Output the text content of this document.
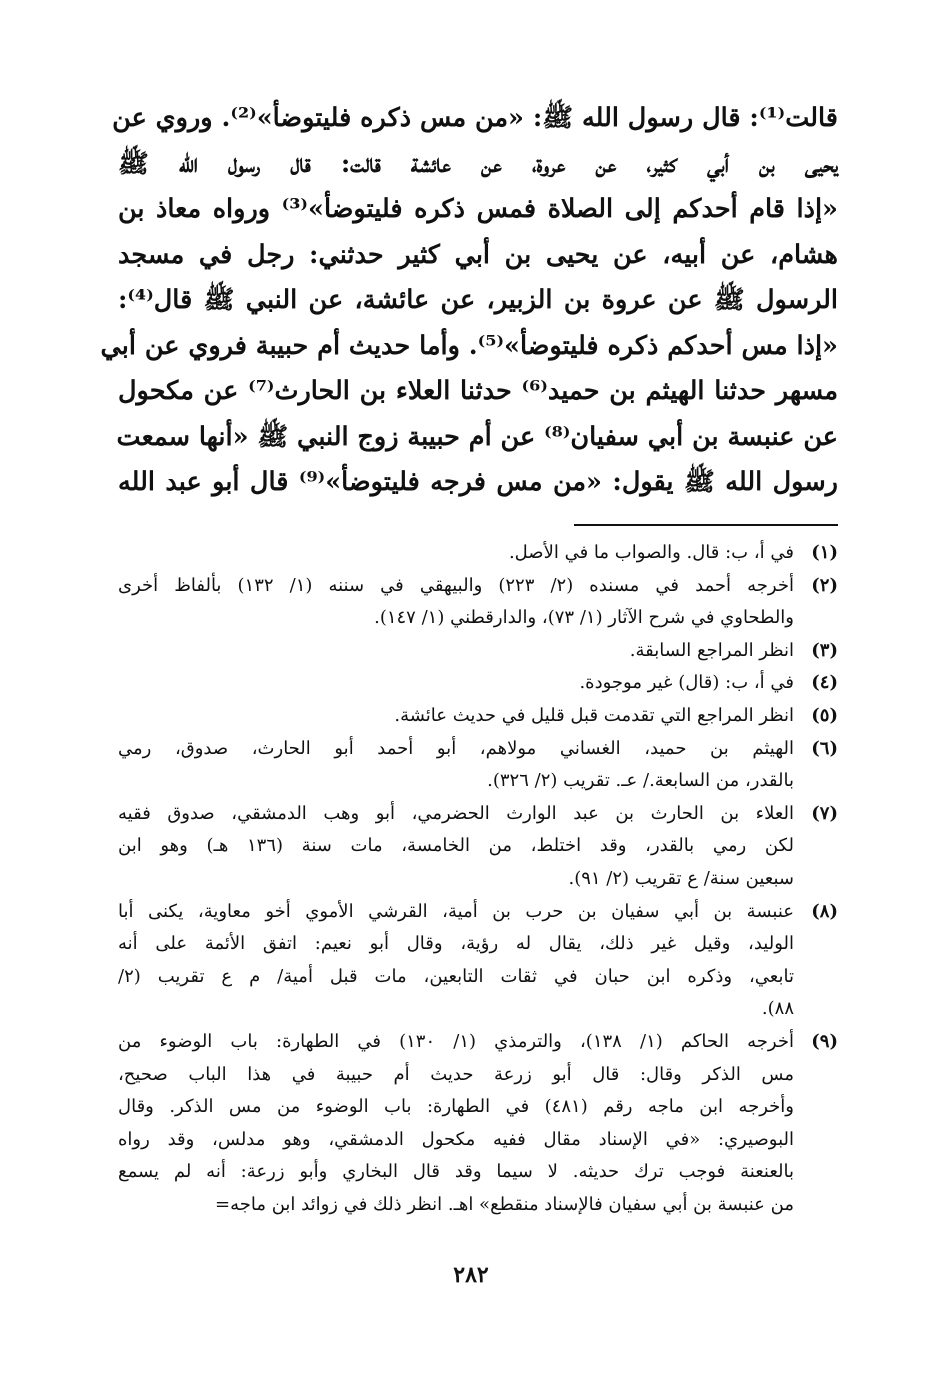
قالت⁽¹⁾: قال رسول الله ﷺ: «من مس ذكره فليتوضأ»⁽²⁾. وروي عن
يحيى بن أبي كثير، عن عروة، عن عائشة قالت: قال رسول الله ﷺ
«إذا قام أحدكم إلى الصلاة فمس ذكره فليتوضأ»⁽³⁾ ورواه معاذ بن
هشام، عن أبيه، عن يحيى بن أبي كثير حدثني: رجل في مسجد
الرسول ﷺ عن عروة بن الزبير، عن عائشة، عن النبي ﷺ قال⁽⁴⁾:
«إذا مس أحدكم ذكره فليتوضأ»⁽⁵⁾. وأما حديث أم حبيبة فروي عن أبي
مسهر حدثنا الهيثم بن حميد⁽⁶⁾ حدثنا العلاء بن الحارث⁽⁷⁾ عن مكحول
عن عنبسة بن أبي سفيان⁽⁸⁾ عن أم حبيبة زوج النبي ﷺ «أنها سمعت
رسول الله ﷺ يقول: «من مس فرجه فليتوضأ»⁽⁹⁾ قال أبو عبد الله
(١)
في أ، ب: قال. والصواب ما في الأصل.
(٢)
أخرجه أحمد في مسنده (٢/ ٢٢٣) والبيهقي في سننه (١/ ١٣٢) بألفاظ أخرى
والطحاوي في شرح الآثار (١/ ٧٣)، والدارقطني (١/ ١٤٧).
(٣)
انظر المراجع السابقة.
(٤)
في أ، ب: (قال) غير موجودة.
(٥)
انظر المراجع التي تقدمت قبل قليل في حديث عائشة.
(٦)
الهيثم بن حميد، الغساني مولاهم، أبو أحمد أبو الحارث، صدوق، رمي
بالقدر، من السابعة./ عـ. تقريب (٢/ ٣٢٦).
(٧)
العلاء بن الحارث بن عبد الوارث الحضرمي، أبو وهب الدمشقي، صدوق فقيه
لكن رمي بالقدر، وقد اختلط، من الخامسة، مات سنة (١٣٦ هـ) وهو ابن
سبعين سنة/ ع تقريب (٢/ ٩١).
(٨)
عنبسة بن أبي سفيان بن حرب بن أمية، القرشي الأموي أخو معاوية، يكنى أبا
الوليد، وقيل غير ذلك، يقال له رؤية، وقال أبو نعيم: اتفق الأئمة على أنه
تابعي، وذكره ابن حبان في ثقات التابعين، مات قبل أمية/ م ع تقريب (٢/
٨٨).
(٩)
أخرجه الحاكم (١/ ١٣٨)، والترمذي (١/ ١٣٠) في الطهارة: باب الوضوء من
مس الذكر وقال: قال أبو زرعة حديث أم حبيبة في هذا الباب صحيح،
وأخرجه ابن ماجه رقم (٤٨١) في الطهارة: باب الوضوء من مس الذكر. وقال
البوصيري: «في الإسناد مقال ففيه مكحول الدمشقي، وهو مدلس، وقد رواه
بالعنعنة فوجب ترك حديثه. لا سيما وقد قال البخاري وأبو زرعة: أنه لم يسمع
من عنبسة بن أبي سفيان فالإسناد منقطع» اهـ. انظر ذلك في زوائد ابن ماجه=
٢٨٢
